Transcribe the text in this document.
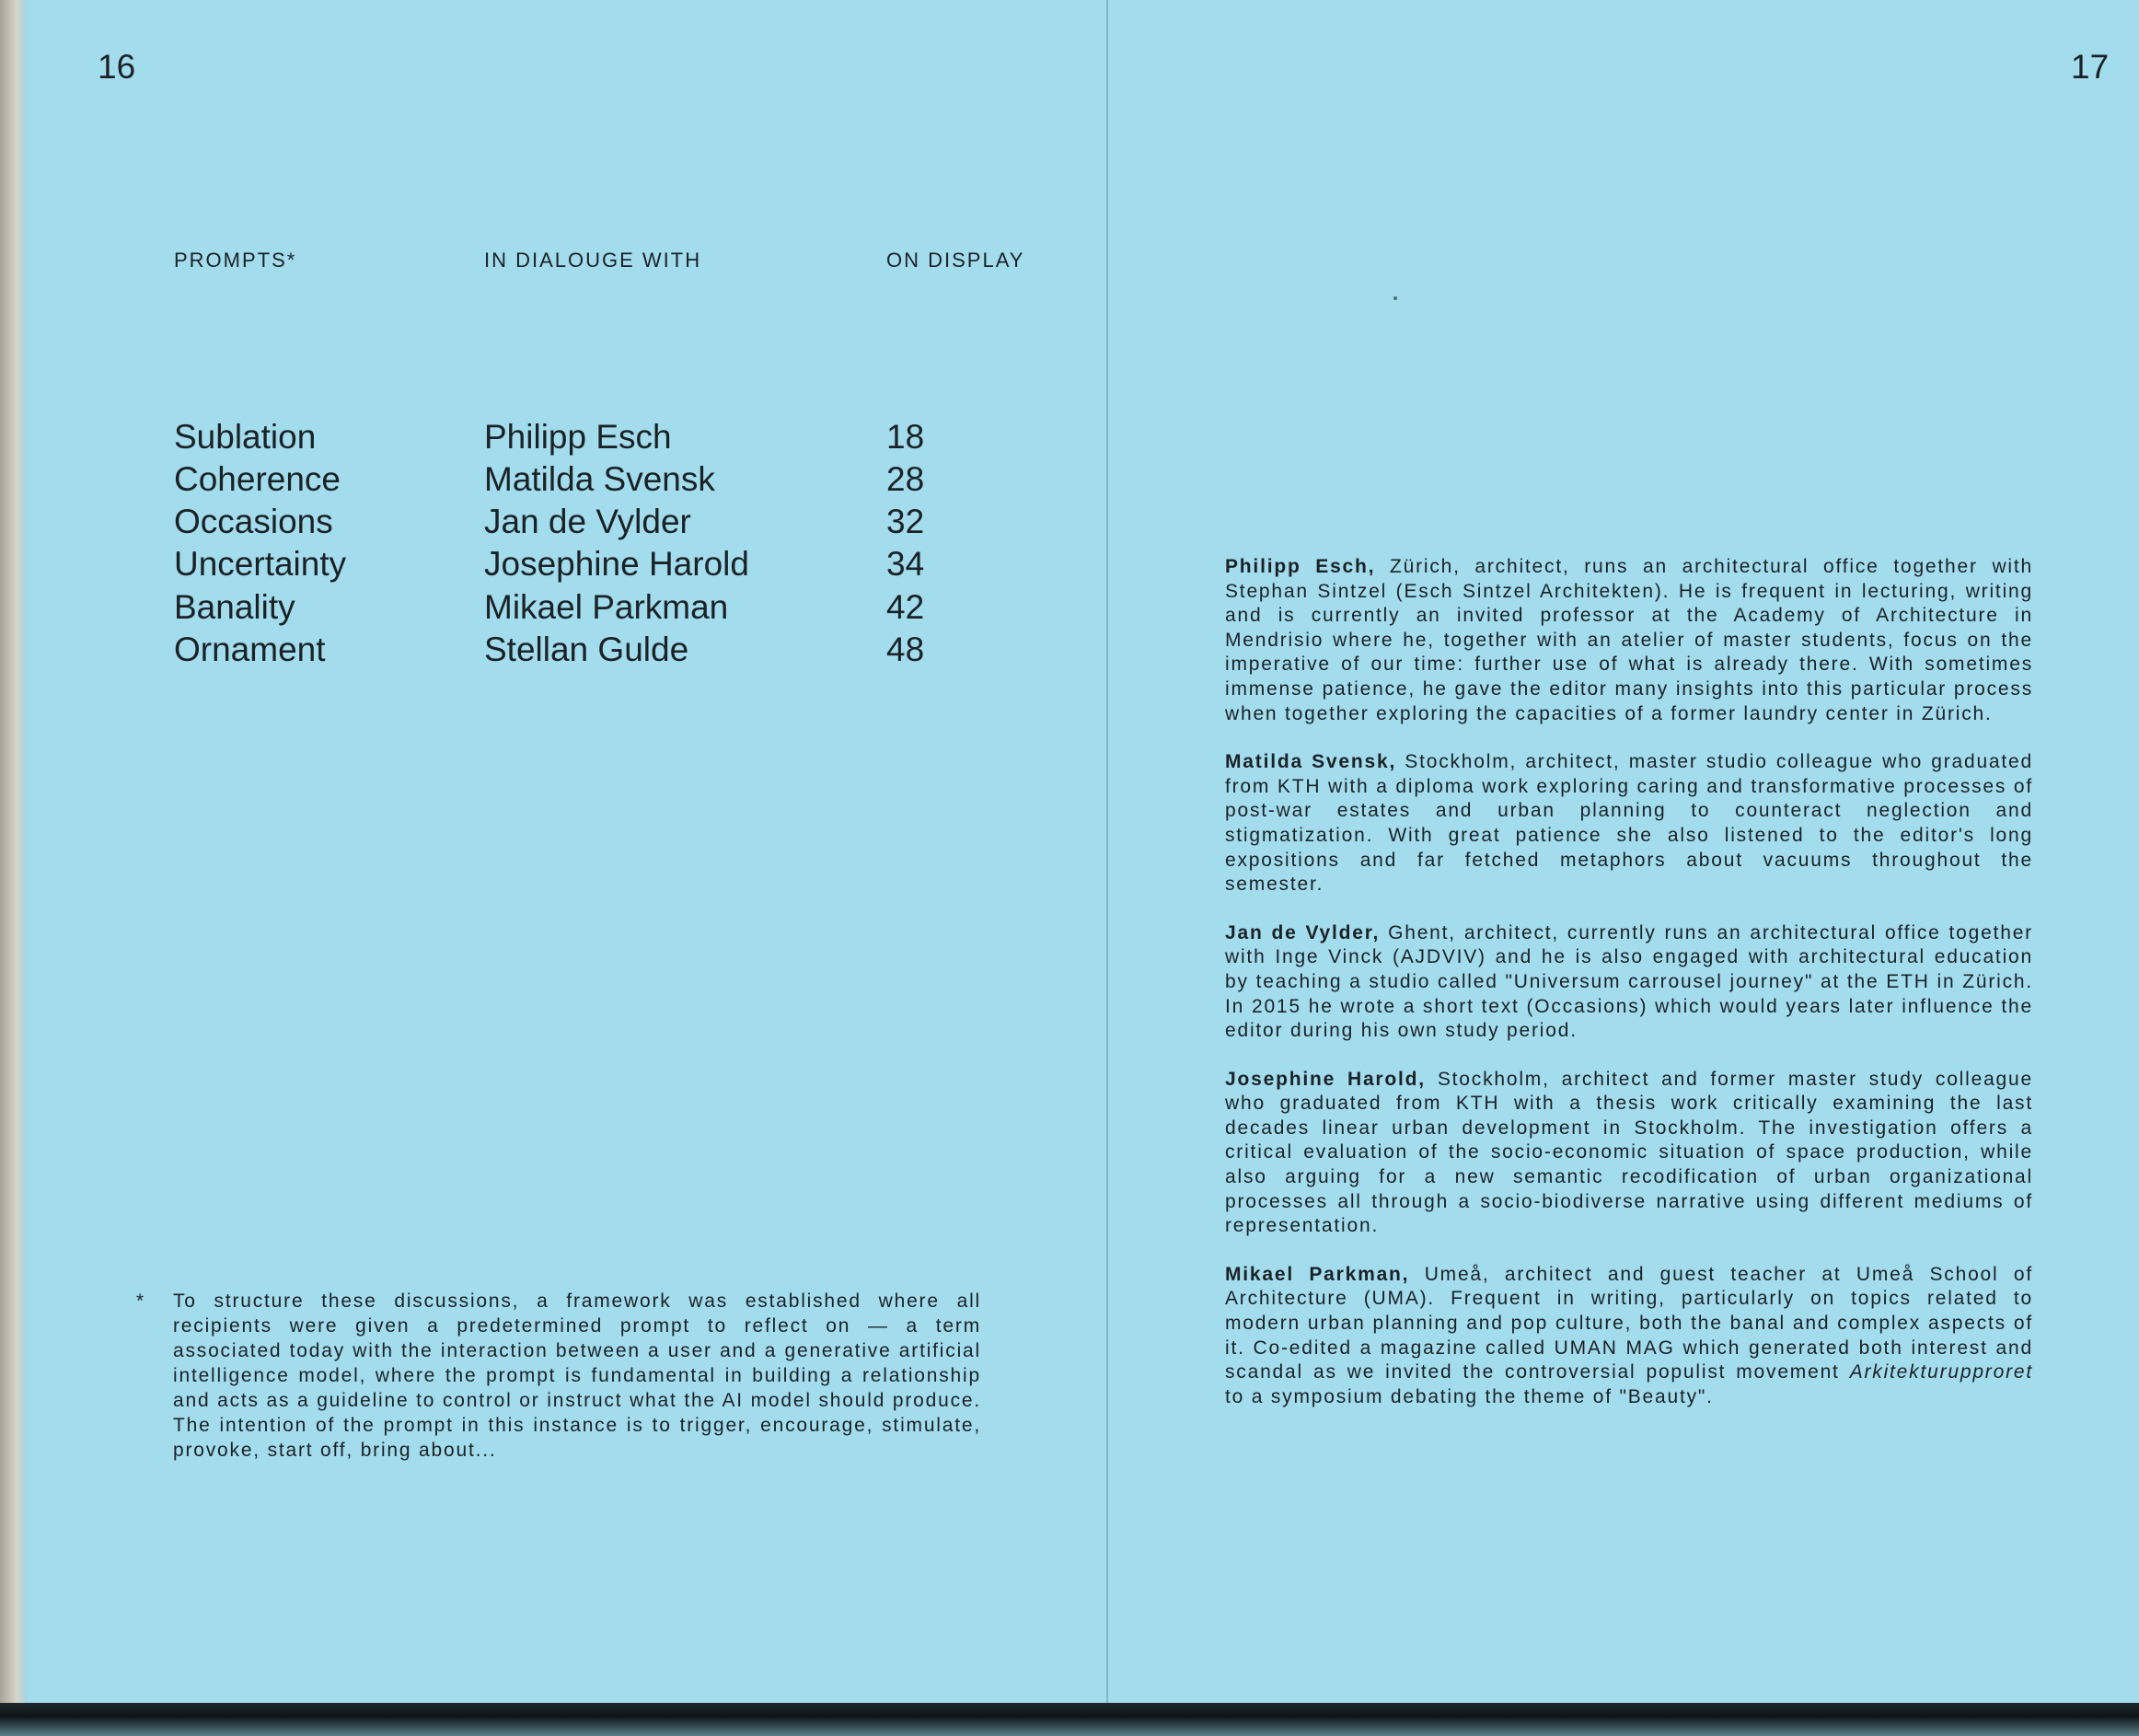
16
PROMPTS*	IN DIALOUGE WITH	ON DISPLAY
Sublation	Philipp Esch	18
Coherence	Matilda Svensk	28
Occasions	Jan de Vylder	32
Uncertainty	Josephine Harold	34
Banality	Mikael Parkman	42
Ornament	Stellan Gulde	48
* To structure these discussions, a framework was established where all recipients were given a predetermined prompt to reflect on — a term associated today with the interaction between a user and a generative artificial intelligence model, where the prompt is fundamental in building a relationship and acts as a guideline to control or instruct what the AI model should produce. The intention of the prompt in this instance is to trigger, encourage, stimulate, provoke, start off, bring about...
17

Philipp Esch, Zürich, architect, runs an architectural office together with Stephan Sintzel (Esch Sintzel Architekten). He is frequent in lecturing, writing and is currently an invited professor at the Academy of Architecture in Mendrisio where he, together with an atelier of master students, focus on the imperative of our time: further use of what is already there. With sometimes immense patience, he gave the editor many insights into this particular process when together exploring the capacities of a former laundry center in Zürich.

Matilda Svensk, Stockholm, architect, master studio colleague who graduated from KTH with a diploma work exploring caring and transformative processes of post-war estates and urban planning to counteract neglection and stigmatization. With great patience she also listened to the editor's long expositions and far fetched metaphors about vacuums throughout the semester.

Jan de Vylder, Ghent, architect, currently runs an architectural office together with Inge Vinck (AJDVIV) and he is also engaged with architectural education by teaching a studio called "Universum carrousel journey" at the ETH in Zürich. In 2015 he wrote a short text (Occasions) which would years later influence the editor during his own study period.

Josephine Harold, Stockholm, architect and former master study colleague who graduated from KTH with a thesis work critically examining the last decades linear urban development in Stockholm. The investigation offers a critical evaluation of the socio-economic situation of space production, while also arguing for a new semantic recodification of urban organizational processes all through a socio-biodiverse narrative using different mediums of representation.

Mikael Parkman, Umeå, architect and guest teacher at Umeå School of Architecture (UMA). Frequent in writing, particularly on topics related to modern urban planning and pop culture, both the banal and complex aspects of it. Co-edited a magazine called UMAN MAG which generated both interest and scandal as we invited the controversial populist movement Arkitekturupproret to a symposium debating the theme of "Beauty".
